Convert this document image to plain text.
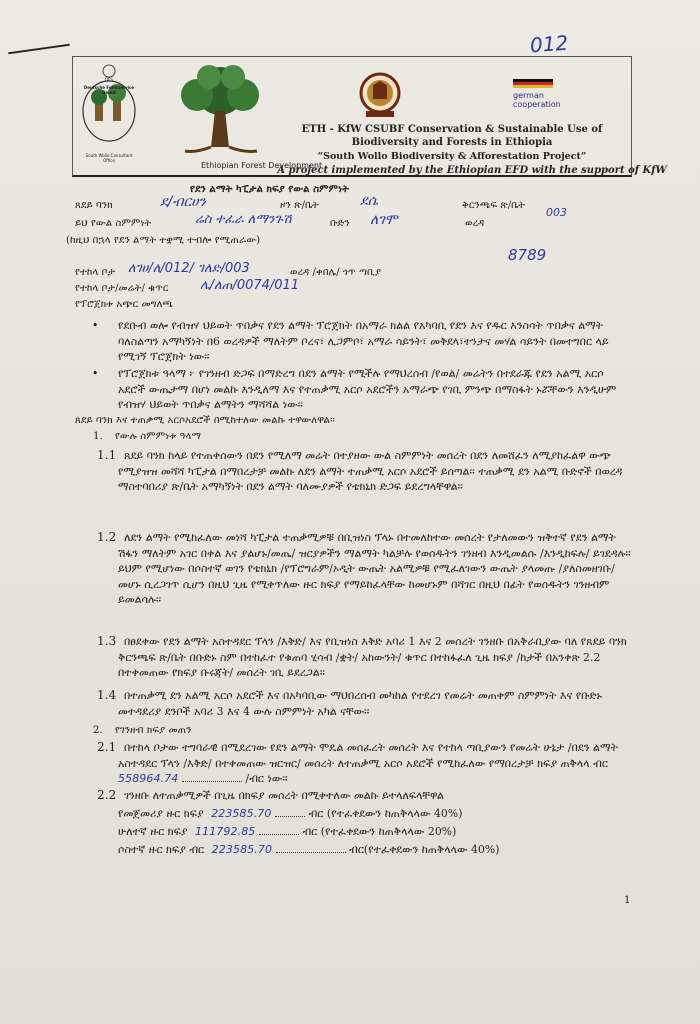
012
DFS
Deutsche Forstservice GmbH
South Wollo Consultant Office
Ethiopian Forest Development
german cooperation
ETH - KfW CSUBF Conservation & Sustainable Use of Biodiversity and Forests in Ethiopia
“South Wollo Biodiversity & Afforestation Project”
A project implemented by the Ethiopian EFD with the support of KfW
የደን ልማት ካፒታል ክፍያ የውል ስምምነት
ጸደይ ባንክ	ደ/ብርሀን	ዞን ጽ/ቤት	ደሴ	ቅርንጫፍ ጽ/ቤት
ይህ የውል ስምምነት	ሬስ ተፈራ ለማንጉሽ	ቡድን ለገሞ	ወረዳ
003
(ከዚህ በኋላ የደን ልማት ተቋሚ ተብሎ የሚጠራው)
8789
የተከላ ቦታ ለገሀ/ለ/012/ ገለድ/003	ወረዳ /ቀበሌ/ ጎጥ ጣቢያ
የተከላ ቦታ/መሬት/ ቁጥር ሌ/ለጠ/0074/011
የፕሮጀክቱ አጭር መግለጫ
• የደቡብ ወሎ የብዝሃ ህይወት ጥበቃና የደን ልማት ፕሮጀክት በአማራ ክልል የአካባቢ የደን እና የዱር እንስሳት ጥበቃና ልማት ባለስልጣን አማካኝነት በ6 ወረዳዎች ማለትም ቦረና፣ ሊጋምቦ፣ አማራ ሳይንት፣ መቅደላ፣ተንታና መሃል ሳይንት በመተግበር ላይ የሚገኝ ፕሮጀክት ነው፡፡
• የፕሮጀክቱ ዓላማ ፦ የገንዘብ ድጋፍ በማድረግ በደን ልማት የሚችሉ የማህረሰብ /የወል/ መሬትን በተደራጁ የደን አልሚ አርሶ አደሮች ውጤታማ በሆነ መልኩ እንዲለማ እና የተጠቃሚ አርሶ አደሮችን አማራጭ የገቢ ምንጭ በማስፋት ኑሯቸውን እንዲሁም የብዝሃ ህይወት ጥበቃና ልማትን ማሻሻል ነው፡፡
ጸደይ ባንክ እና ተጠቃሚ አርሶአደሮች በሚከተለው መልኩ ተዋውለዋል፡፡
1. የውሉ ስምምነቱ ዓላማ
1.1 ጸደይ ባንክ ከላይ የተጠቀሰውን በደን የሚለማ መሬት በተያዘው ውል ስምምነት መሰረት በደን ለመሸፈን ለሚያከፈልዋ ውጭ የሚያዝዝ መሻሻ ካፒታል በማበረታቻ መልኩ ለደን ልማት ተጠቃሚ አርሶ አደሮች ይሰጣል፡፡ ተጠቃሚ ደን አልሚ ቡድኖች በወረዳ ማስተባበሪያ ጽ/ቤት አማካኝነት በደን ልማት ባለሙያዎች የቴክኒክ ድጋፍ ይደረግላቸዋል፡፡
1.2 ለደን ልማት የሚከፈለው መነሻ ካፒታል ተጠቃሚዎቹ በቢዝነስ ፕላኑ በተመለከተው መሰረት የታለመውን ዝቅተኛ የደን ልማት ሽፋን ማለትም አገር በቀል እና ያልሆኑ/መጤ/ ዝርያዎችን ማልማት ካልቻሉ የወሰዱትን ገንዘብ እንዲመልሱ /እንዲከፍሉ/ ይገደዳሉ፡፡ ይህም የሚሆነው በሶስተኛ ወገን የቴክኒክ /የፕሮግራም/ኦዲት ውጤት አልሚዎቹ የሚፈለገውን ውጤት ያላመጡ /ያለስመዘገቡ/ መሆኑ ሲረጋገጥ ሲሆን በዚህ ጊዜ የሚቀጥለው ዙር ክፍያ የማይከፈላቸው ከመሆኑም በሻገር በዚህ በፊት የወሰዱትን ገንዘብም ይመልሳሉ፡፡
1.3 በፀደቀው የደን ልማት አስተዳደር ፕላን /እቅድ/ እና የቢዝነስ እቅድ አባሪ 1 እና 2 መሰረት ገንዘቡ በአቅራቢያው ባለ የጸደይ ባንክ ቅርንጫፍ ጽ/ቤት በቡድኑ ስም በተከፈተ የቁጠባ ሂሳብ /ቋት/ አከውንት/ ቁጥር በተከፋፈለ ጊዜ ክፍያ /ከታች በአንቀጽ 2.2 በተቀመጠው የክፍያ ቡሩጃት/ መሰረት ገቢ ይደረጋል፡፡
1.4 በተጠቃሚ ደን አልሚ አርሶ አደሮች እና በአካባቢው ማህበረሰብ መካከል የተደረገ የመሬት መጠቀም ስምምነት እና የቡድኑ መተዳደሪያ ደንቦች አባሪ 3 እና 4 ውሉ ስምምነት አካል ናቸው፡፡
2. የገንዘብ ክፍያ መጠን
2.1 በተከላ ቦታው ተግባራዊ በሚደረገው የደን ልማት ሞዴል መሰፈረት መሰረት እና የተከላ ጣቢያውን የመሬት ሁኔታ /በደን ልማት አስተዳደር ፕላን /እቅድ/ በተቀመጠው ዝርዝር/ መሰረት ለተጠቃሚ አርሶ አደሮች የሚከፈለው የማበረታቻ ክፍያ ጠቅላላ ብር 558964.74	/ብር ነው፡፡
2.2 ገንዘቡ ለተጠቃሚዎች በጊዜ በክፍያ መሰረት በሚቀተለው መልኩ ይተላለፍላቸዋል
የመጀመሪያ ዙር ክፍያ 223585.70	ብር (የተፈቀደውን ከጠቅላላው 40%)
ሁለተኛ ዙር ክፍያ 111792.85	ብር (የተፈቀደውን ከጠቅላላው 20%)
ሶስተኛ ዙር ክፍያ ብር 223585.70	ብር(የተፈቀደውን ከጠቅላላው 40%)
1
